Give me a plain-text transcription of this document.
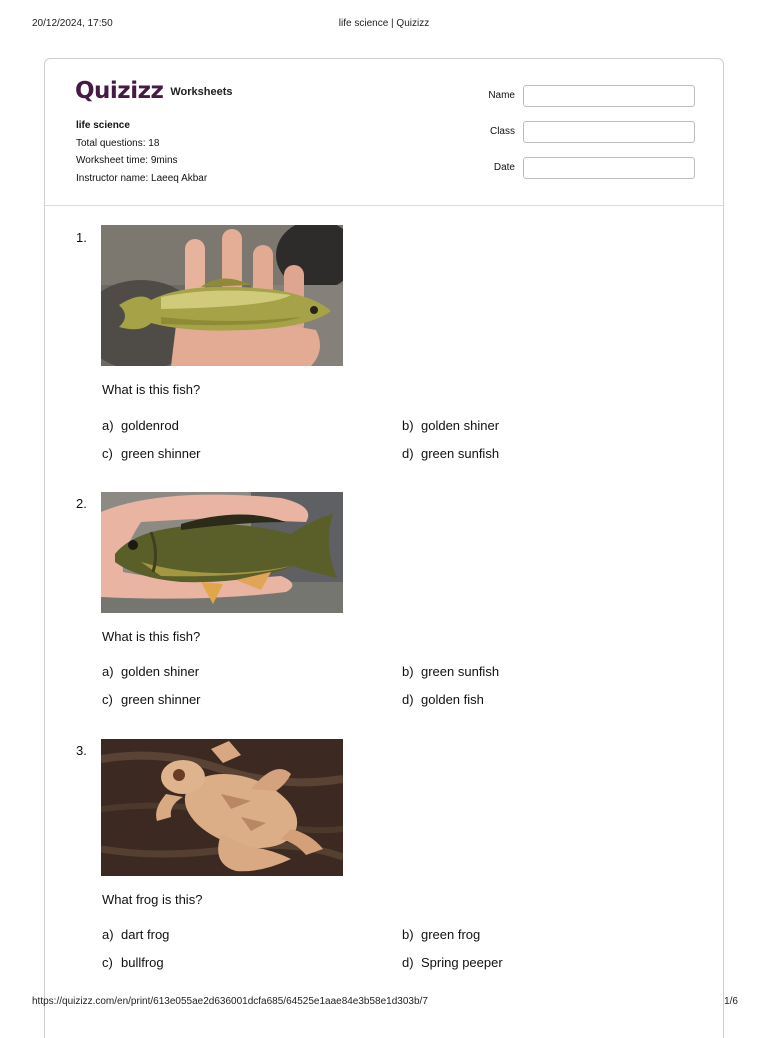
20/12/2024, 17:50	life science | Quizizz
Quizizz Worksheets
life science
Total questions: 18
Worksheet time: 9mins
Instructor name: Laeeq Akbar
Name
Class
Date
1.
What is this fish?
a) goldenrod	b) golden shiner
c) green shinner	d) green sunfish
2.
What is this fish?
a) golden shiner	b) green sunfish
c) green shinner	d) golden fish
3.
What frog is this?
a) dart frog	b) green frog
c) bullfrog	d) Spring peeper
https://quizizz.com/en/print/613e055ae2d636001dcfa685/64525e1aae84e3b58e1d303b/7	1/6
